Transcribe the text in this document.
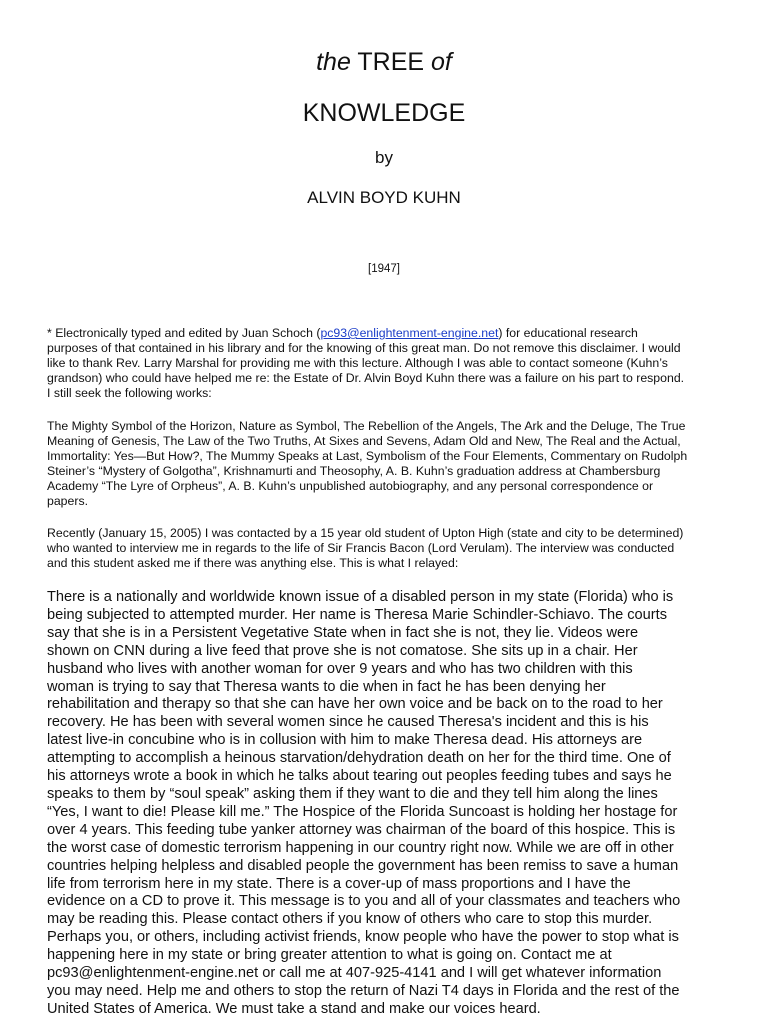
the TREE of
KNOWLEDGE
by
ALVIN BOYD KUHN
[1947]
* Electronically typed and edited by Juan Schoch (pc93@enlightenment-engine.net) for educational research
purposes of that contained in his library and for the knowing of this great man. Do not remove this disclaimer. I would
like to thank Rev. Larry Marshal for providing me with this lecture. Although I was able to contact someone (Kuhn’s
grandson) who could have helped me re: the Estate of Dr. Alvin Boyd Kuhn there was a failure on his part to respond.
I still seek the following works:
The Mighty Symbol of the Horizon, Nature as Symbol, The Rebellion of the Angels, The Ark and the Deluge, The True
Meaning of Genesis, The Law of the Two Truths, At Sixes and Sevens, Adam Old and New, The Real and the Actual,
Immortality: Yes—But How?, The Mummy Speaks at Last, Symbolism of the Four Elements, Commentary on Rudolph
Steiner’s “Mystery of Golgotha”, Krishnamurti and Theosophy, A. B. Kuhn’s graduation address at Chambersburg
Academy “The Lyre of Orpheus”, A. B. Kuhn’s unpublished autobiography, and any personal correspondence or
papers.
Recently (January 15, 2005) I was contacted by a 15 year old student of Upton High (state and city to be determined)
who wanted to interview me in regards to the life of Sir Francis Bacon (Lord Verulam). The interview was conducted
and this student asked me if there was anything else. This is what I relayed:
There is a nationally and worldwide known issue of a disabled person in my state (Florida) who is
being subjected to attempted murder. Her name is Theresa Marie Schindler-Schiavo. The courts
say that she is in a Persistent Vegetative State when in fact she is not, they lie. Videos were
shown on CNN during a live feed that prove she is not comatose. She sits up in a chair. Her
husband who lives with another woman for over 9 years and who has two children with this
woman is trying to say that Theresa wants to die when in fact he has been denying her
rehabilitation and therapy so that she can have her own voice and be back on to the road to her
recovery. He has been with several women since he caused Theresa's incident and this is his
latest live-in concubine who is in collusion with him to make Theresa dead. His attorneys are
attempting to accomplish a heinous starvation/dehydration death on her for the third time. One of
his attorneys wrote a book in which he talks about tearing out peoples feeding tubes and says he
speaks to them by “soul speak” asking them if they want to die and they tell him along the lines
“Yes, I want to die! Please kill me.” The Hospice of the Florida Suncoast is holding her hostage for
over 4 years. This feeding tube yanker attorney was chairman of the board of this hospice. This is
the worst case of domestic terrorism happening in our country right now. While we are off in other
countries helping helpless and disabled people the government has been remiss to save a human
life from terrorism here in my state. There is a cover-up of mass proportions and I have the
evidence on a CD to prove it. This message is to you and all of your classmates and teachers who
may be reading this. Please contact others if you know of others who care to stop this murder.
Perhaps you, or others, including activist friends, know people who have the power to stop what is
happening here in my state or bring greater attention to what is going on. Contact me at
pc93@enlightenment-engine.net or call me at 407-925-4141 and I will get whatever information
you may need. Help me and others to stop the return of Nazi T4 days in Florida and the rest of the
United States of America. We must take a stand and make our voices heard.
